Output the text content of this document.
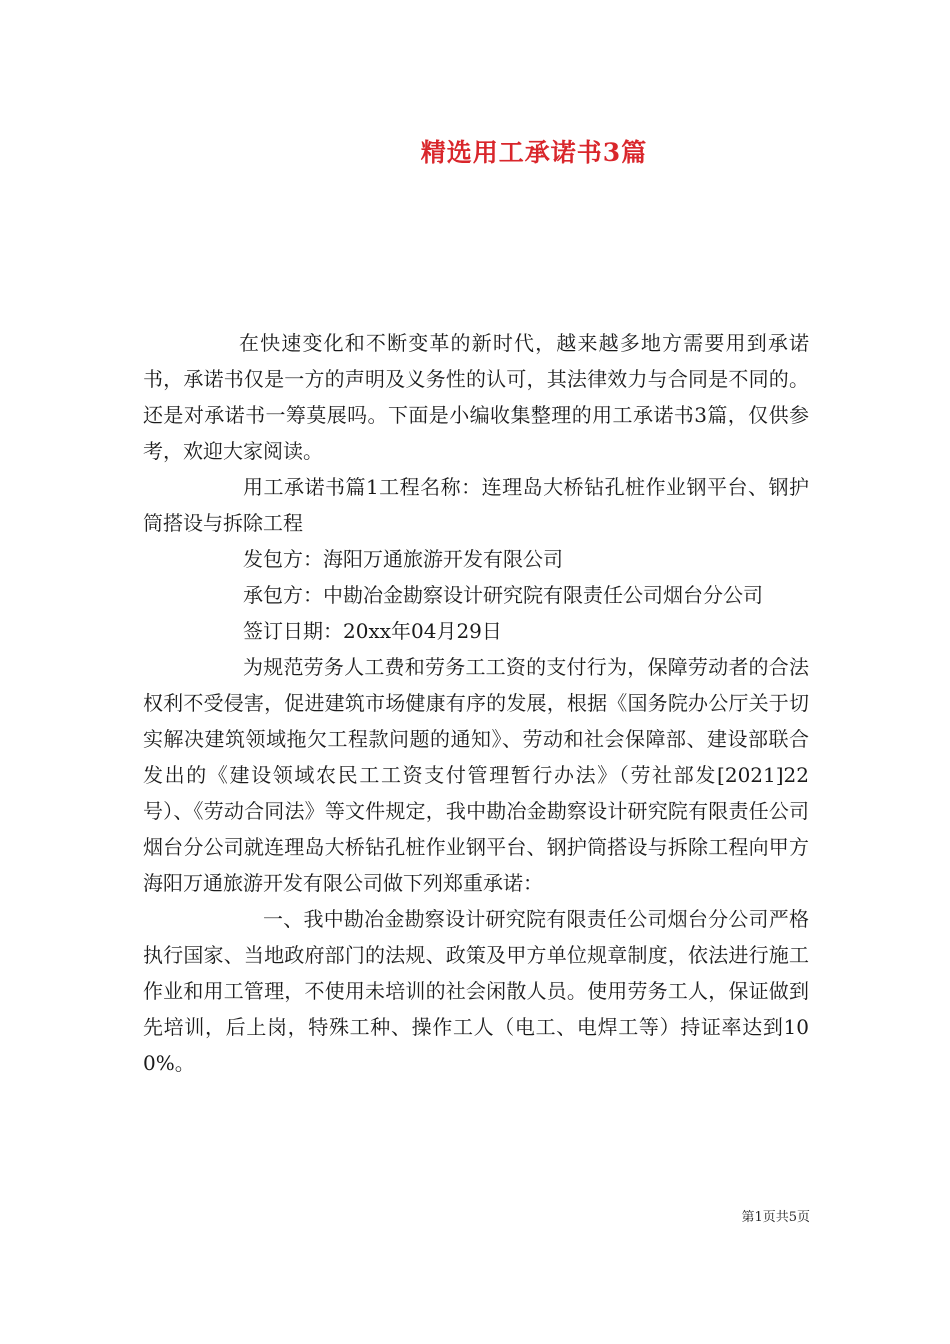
精选用工承诺书3篇

在快速变化和不断变革的新时代，越来越多地方需要用到承诺书，承诺书仅是一方的声明及义务性的认可，其法律效力与合同是不同的。还是对承诺书一筹莫展吗。下面是小编收集整理的用工承诺书3篇，仅供参考，欢迎大家阅读。

用工承诺书篇1工程名称：连理岛大桥钻孔桩作业钢平台、钢护筒搭设与拆除工程

发包方：海阳万通旅游开发有限公司

承包方：中勘冶金勘察设计研究院有限责任公司烟台分公司

签订日期：20xx年04月29日

为规范劳务人工费和劳务工工资的支付行为，保障劳动者的合法权利不受侵害，促进建筑市场健康有序的发展，根据《国务院办公厅关于切实解决建筑领域拖欠工程款问题的通知》、劳动和社会保障部、建设部联合发出的《建设领域农民工工资支付管理暂行办法》（劳社部发[2021]22号）、《劳动合同法》等文件规定，我中勘冶金勘察设计研究院有限责任公司烟台分公司就连理岛大桥钻孔桩作业钢平台、钢护筒搭设与拆除工程向甲方海阳万通旅游开发有限公司做下列郑重承诺：

一、我中勘冶金勘察设计研究院有限责任公司烟台分公司严格执行国家、当地政府部门的法规、政策及甲方单位规章制度，依法进行施工作业和用工管理，不使用未培训的社会闲散人员。使用劳务工人，保证做到先培训，后上岗，特殊工种、操作工人（电工、电焊工等）持证率达到100%。

第1页共5页
